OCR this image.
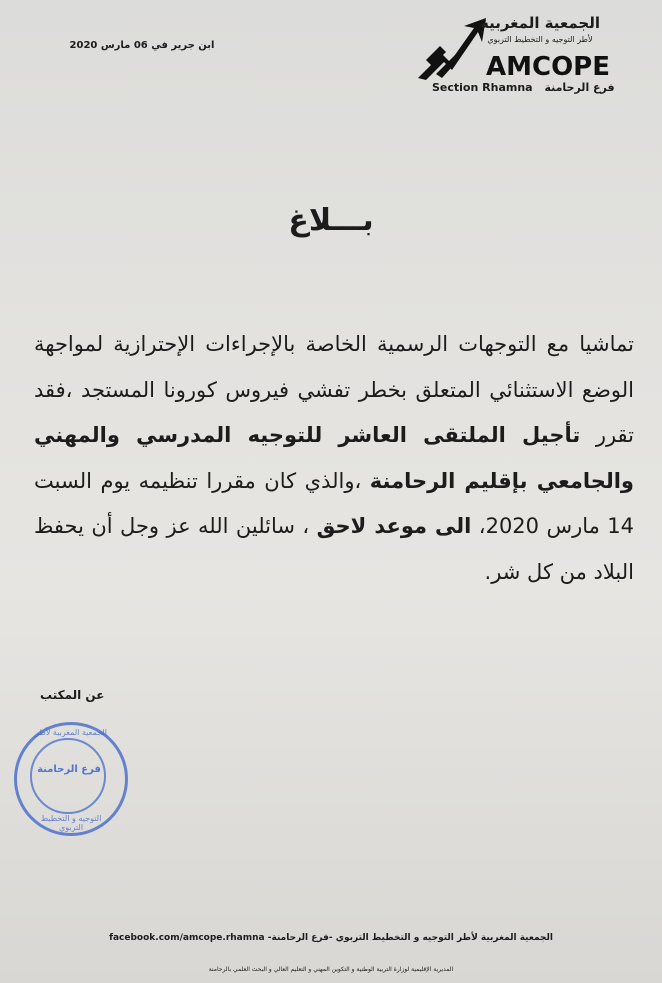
ابن جرير في 06 مارس 2020
الجمعية المغربية
لأطر التوجيه و التخطيط التربوي
AMCOPE
Section Rhamna فرع الرحامنة
بـــلاغ
تماشيا مع التوجهات الرسمية الخاصة بالإجراءات الإحترازية لمواجهة الوضع الاستثنائي المتعلق بخطر تفشي فيروس كورونا المستجد ،فقد تقرر تأجيل الملتقى العاشر للتوجيه المدرسي والمهني والجامعي بإقليم الرحامنة ،والذي كان مقررا تنظيمه يوم السبت 14 مارس 2020، الى موعد لاحق ، سائلين الله عز وجل أن يحفظ البلاد من كل شر.
عن المكتب
الجمعية المغربية لأطر
فرع الرحامنة
التوجيه و التخطيط التربوي
facebook.com/amcope.rhamna الجمعية المغربية لأطر التوجيه و التخطيط التربوي -فرع الرحامنة-
المديرية الإقليمية لوزارة التربية الوطنية و التكوين المهني و التعليم العالي و البحث العلمي بالرحامنة
